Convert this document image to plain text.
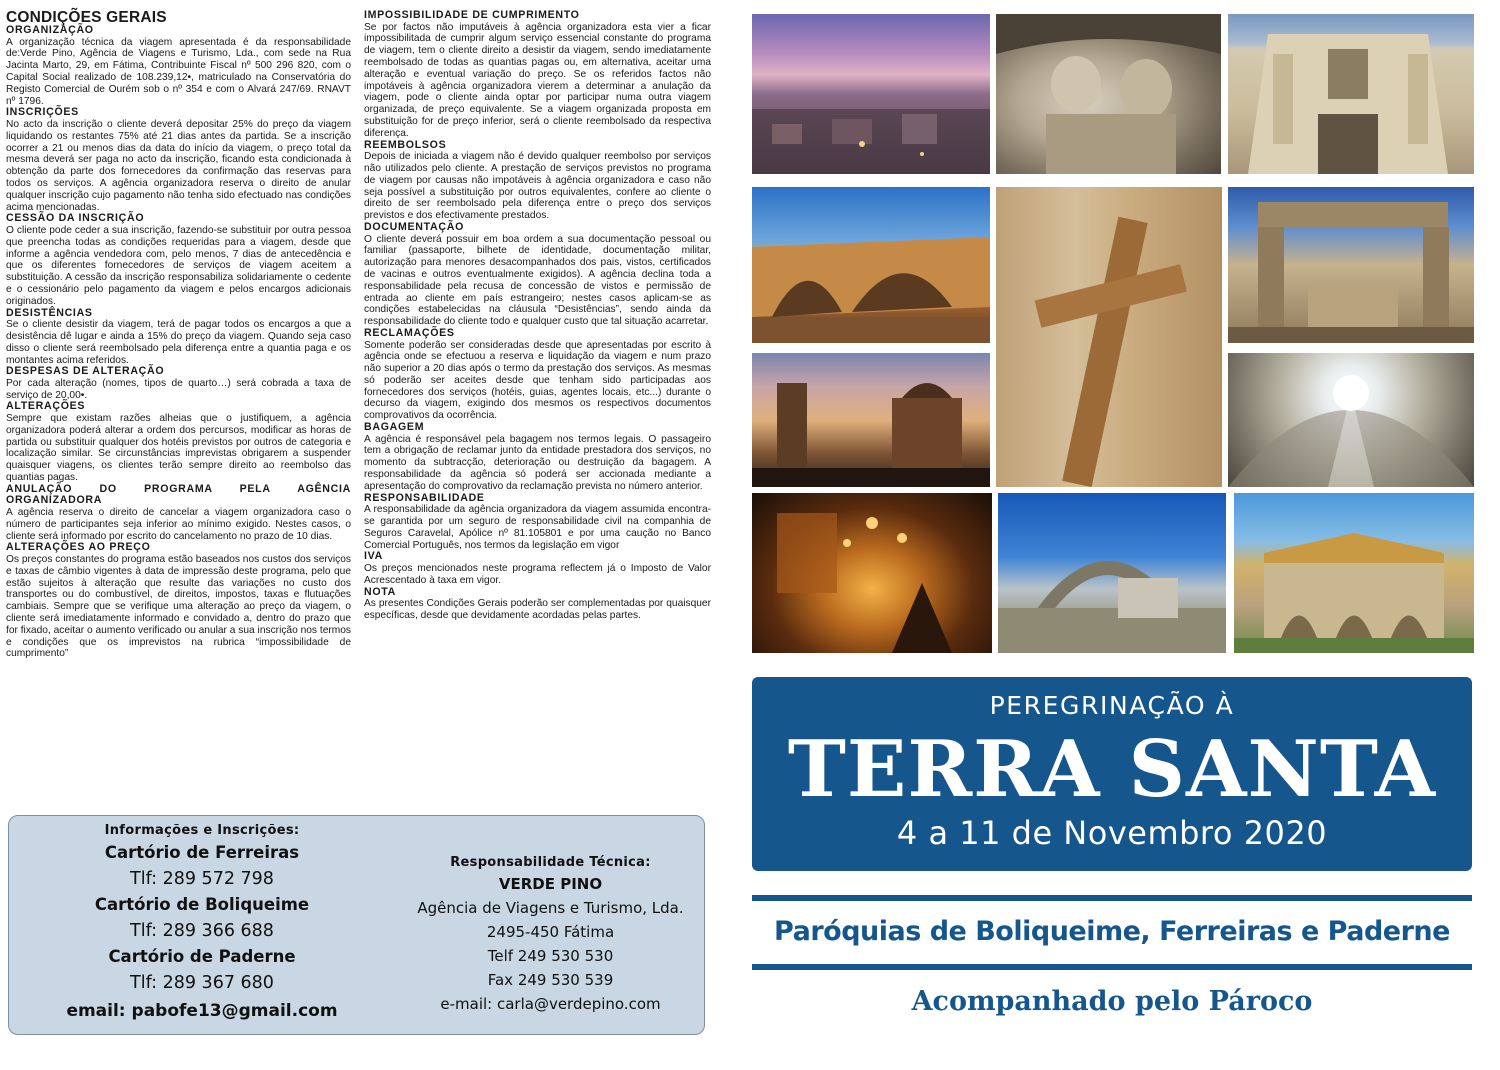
CONDIÇÕES GERAIS
ORGANIZAÇÃO

A organização técnica da viagem apresentada é da responsabilidade de:Verde Pino, Agência de Viagens e Turismo, Lda., com sede na Rua Jacinta Marto, 29, em Fátima, Contribuinte Fiscal nº 500 296 820, com o Capital Social realizado de 108.239,12•, matriculado na Conservatória do Registo Comercial de Ourém sob o nº 354 e com o Alvará 247/69. RNAVT nº 1796.

INSCRIÇÕES

No acto da inscrição o cliente deverá depositar 25% do preço da viagem liquidando os restantes 75% até 21 dias antes da partida. Se a inscrição ocorrer a 21 ou menos dias da data do início da viagem, o preço total da mesma deverá ser paga no acto da inscrição, ficando esta condicionada à obtenção da parte dos fornecedores da confirmação das reservas para todos os serviços. A agência organizadora reserva o direito de anular qualquer inscrição cujo pagamento não tenha sido efectuado nas condições acima mencionadas.

CESSÃO DA INSCRIÇÃO

O cliente pode ceder a sua inscrição, fazendo-se substituir por outra pessoa que preencha todas as condições requeridas para a viagem, desde que informe a agência vendedora com, pelo menos, 7 dias de antecedência e que os diferentes fornecedores de serviços de viagem aceitem a substituição. A cessão da inscrição responsabiliza solidariamente o cedente e o cessionário pelo pagamento da viagem e pelos encargos adicionais originados.

DESISTÊNCIAS

Se o cliente desistir da viagem, terá de pagar todos os encargos a que a desistência dê lugar e ainda a 15% do preço da viagem. Quando seja caso disso o cliente será reembolsado pela diferença entre a quantia paga e os montantes acima referidos.

DESPESAS DE ALTERAÇÃO

Por cada alteração (nomes, tipos de quarto…) será cobrada a taxa de serviço de 20,00•.

ALTERAÇÕES

Sempre que existam razões alheias que o justifiquem, a agência organizadora poderá alterar a ordem dos percursos, modificar as horas de partida ou substituir qualquer dos hotéis previstos por outros de categoria e localização similar. Se circunstâncias imprevistas obrigarem a suspender quaisquer viagens, os clientes terão sempre direito ao reembolso das quantias pagas.

ANULAÇÃO DO PROGRAMA PELA AGÊNCIA ORGANIZADORA

A agência reserva o direito de cancelar a viagem organizadora caso o número de participantes seja inferior ao mínimo exigido. Nestes casos, o cliente será informado por escrito do cancelamento no prazo de 10 dias.

ALTERAÇÕES AO PREÇO

Os preços constantes do programa estão baseados nos custos dos serviços e taxas de câmbio vigentes à data de impressão deste programa, pelo que estão sujeitos à alteração que resulte das variações no custo dos transportes ou do combustível, de direitos, impostos, taxas e flutuações cambiais. Sempre que se verifique uma alteração ao preço da viagem, o cliente será imediatamente informado e convidado a, dentro do prazo que for fixado, aceitar o aumento verificado ou anular a sua inscrição nos termos e condições que os imprevistos na rubrica “impossibilidade de cumprimento”

IMPOSSIBILIDADE DE CUMPRIMENTO

Se por factos não imputáveis à agência organizadora esta vier a ficar impossibilitada de cumprir algum serviço essencial constante do programa de viagem, tem o cliente direito a desistir da viagem, sendo imediatamente reembolsado de todas as quantias pagas ou, em alternativa, aceitar uma alteração e eventual variação do preço. Se os referidos factos não impotáveis à agência organizadora vierem a determinar a anulação da viagem, pode o cliente ainda optar por participar numa outra viagem organizada, de preço equivalente. Se a viagem organizada proposta em substituição for de preço inferior, será o cliente reembolsado da respectiva diferença.

REEMBOLSOS

Depois de iniciada a viagem não é devido qualquer reembolso por serviços não utilizados pelo cliente. A prestação de serviços previstos no programa de viagem por causas não impotáveis à agência organizadora e caso não seja possível a substituição por outros equivalentes, confere ao cliente o direito de ser reembolsado pela diferença entre o preço dos serviços previstos e dos efectivamente prestados.

DOCUMENTAÇÃO

O cliente deverá possuir em boa ordem a sua documentação pessoal ou familiar (passaporte, bilhete de identidade, documentação militar, autorização para menores desacompanhados dos pais, vistos, certificados de vacinas e outros eventualmente exigidos). A agência declina toda a responsabilidade pela recusa de concessão de vistos e permissão de entrada ao cliente em país estrangeiro; nestes casos aplicam-se as condições estabelecidas na cláusula “Desistências”, sendo ainda da responsabilidade do cliente todo e qualquer custo que tal situação acarretar.

RECLAMAÇÕES

Somente poderão ser consideradas desde que apresentadas por escrito à agência onde se efectuou a reserva e liquidação da viagem e num prazo não superior a 20 dias após o termo da prestação dos serviços. As mesmas só poderão ser aceites desde que tenham sido participadas aos fornecedores dos serviços (hotéis, guias, agentes locais, etc...) durante o decurso da viagem, exigindo dos mesmos os respectivos documentos comprovativos da ocorrência.

BAGAGEM

A agência é responsável pela bagagem nos termos legais. O passageiro tem a obrigação de reclamar junto da entidade prestadora dos serviços, no momento da subtracção, deterioração ou destruição da bagagem. A responsabilidade da agência só poderá ser accionada mediante a apresentação do comprovativo da reclamação prevista no número anterior.

RESPONSABILIDADE

A responsabilidade da agência organizadora da viagem assumida encontra-se garantida por um seguro de responsabilidade civil na companhia de Seguros Caravelal, Apólice nº 81.105801 e por uma caução no Banco Comercial Português, nos termos da legislação em vigor

IVA

Os preços mencionados neste programa reflectem já o Imposto de Valor Acrescentado à taxa em vigor.

NOTA

As presentes Condições Gerais poderão ser complementadas por quaisquer específicas, desde que devidamente acordadas pelas partes.

Informações e Inscrições:
Cartório de Ferreiras
Tlf: 289 572 798
Cartório de Boliqueime
Tlf: 289 366 688
Cartório de Paderne
Tlf: 289 367 680
email: pabofe13@gmail.com
Responsabilidade Técnica:
VERDE PINO
Agência de Viagens e Turismo, Lda.
2495-450 Fátima
Telf 249 530 530
Fax 249 530 539
e-mail: carla@verdepino.com
PEREGRINAÇÃO À
TERRA SANTA
4 a 11 de Novembro 2020
Paróquias de Boliqueime, Ferreiras e Paderne
Acompanhado pelo Pároco
